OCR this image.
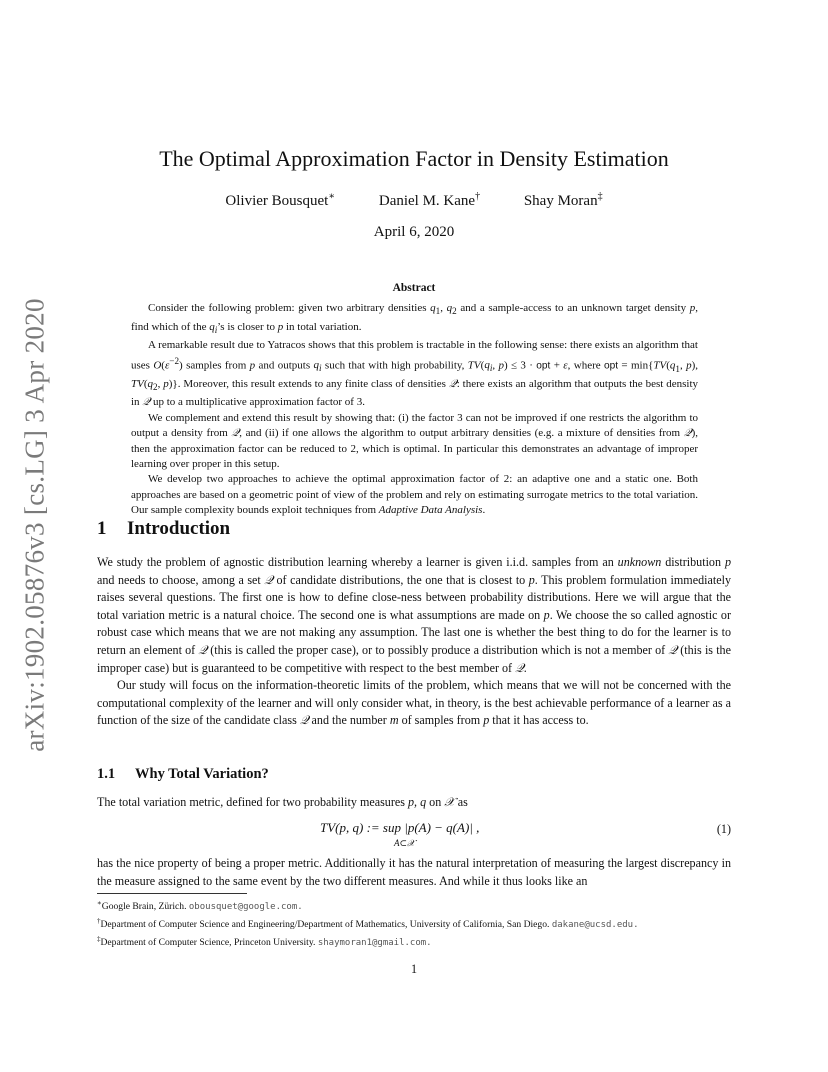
arXiv:1902.05876v3 [cs.LG] 3 Apr 2020
The Optimal Approximation Factor in Density Estimation
Olivier Bousquet∗	Daniel M. Kane†	Shay Moran‡
April 6, 2020
Abstract

Consider the following problem: given two arbitrary densities $q_1$, $q_2$ and a sample-access to an unknown target density p, find which of the $q_i’s$ is closer to p in total variation.

A remarkable result due to Yatracos shows that this problem is tractable in the following sense: there exists an algorithm that uses $O(\varepsilon^{-2})$ samples from p and outputs $q_i$ such that with high probability, $TV(q_i$, p) ≤ 3 · opt + ε, where opt = $\min\{TV(q_1$, p), $TV(q_2$, p)}. Moreover, this result extends to any finite class of densities 𝒬: there exists an algorithm that outputs the best density in 𝒬 up to a multiplicative approximation factor of 3.

We complement and extend this result by showing that: (i) the factor 3 can not be improved if one restricts the algorithm to output a density from 𝒬, and (ii) if one allows the algorithm to output arbitrary densities (e.g. a mixture of densities from 𝒬), then the approximation factor can be reduced to 2, which is optimal. In particular this demonstrates an advantage of improper learning over proper in this setup.

We develop two approaches to achieve the optimal approximation factor of 2: an adaptive one and a static one. Both approaches are based on a geometric point of view of the problem and rely on estimating surrogate metrics to the total variation. Our sample complexity bounds exploit techniques from Adaptive Data Analysis.

1 Introduction

We study the problem of agnostic distribution learning whereby a learner is given i.i.d. samples from an unknown distribution p and needs to choose, among a set 𝒬 of candidate distributions, the one that is closest to p. This problem formulation immediately raises several questions. The first one is how to define close-ness between probability distributions. Here we will argue that the total variation metric is a natural choice. The second one is what assumptions are made on p. We choose the so called agnostic or robust case which means that we are not making any assumption. The last one is whether the best thing to do for the learner is to return an element of 𝒬 (this is called the proper case), or to possibly produce a distribution which is not a member of 𝒬 (this is the improper case) but is guaranteed to be competitive with respect to the best member of 𝒬.

Our study will focus on the information-theoretic limits of the problem, which means that we will not be concerned with the computational complexity of the learner and will only consider what, in theory, is the best achievable performance of a learner as a function of the size of the candidate class 𝒬 and the number m of samples from p that it has access to.

1.1 Why Total Variation?
The total variation metric, defined for two probability measures p, q on 𝒳 as
TV(p, q) := sup |p(A) − q(A)| ,
A⊂𝒳
(1)

has the nice property of being a proper metric. Additionally it has the natural interpretation of measuring the largest discrepancy in the measure assigned to the same event by the two different measures. And while it thus looks like an

∗Google Brain, Zürich. obousquet@google.com.
†Department of Computer Science and Engineering/Department of Mathematics, University of California, San Diego. dakane@ucsd.edu.
‡Department of Computer Science, Princeton University. shaymoran1@gmail.com.
1
